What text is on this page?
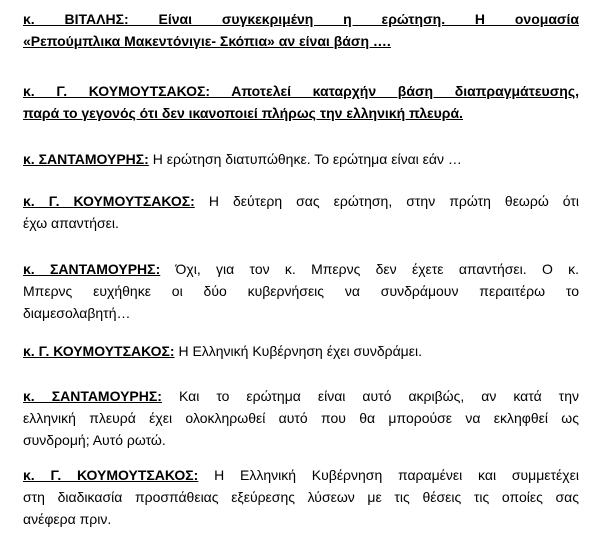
κ. ΒΙΤΑΛΗΣ: Είναι συγκεκριμένη η ερώτηση. Η ονομασία
«Ρεπούμπλικα Μακεντόνιγιε- Σκόπια» αν είναι βάση ….
κ. Γ. ΚΟΥΜΟΥΤΣΑΚΟΣ: Αποτελεί καταρχήν βάση διαπραγμάτευσης,
παρά το γεγονός ότι δεν ικανοποιεί πλήρως την ελληνική πλευρά.
κ. ΣΑΝΤΑΜΟΥΡΗΣ: Η ερώτηση διατυπώθηκε. Το ερώτημα είναι εάν …
κ. Γ. ΚΟΥΜΟΥΤΣΑΚΟΣ: Η δεύτερη σας ερώτηση, στην πρώτη θεωρώ ότι
έχω απαντήσει.
κ. ΣΑΝΤΑΜΟΥΡΗΣ: Όχι, για τον κ. Μπερνς δεν έχετε απαντήσει. Ο κ.
Μπερνς ευχήθηκε οι δύο κυβερνήσεις να συνδράμουν περαιτέρω το
διαμεσολαβητή…
κ. Γ. ΚΟΥΜΟΥΤΣΑΚΟΣ: Η Ελληνική Κυβέρνηση έχει συνδράμει.
κ. ΣΑΝΤΑΜΟΥΡΗΣ: Και το ερώτημα είναι αυτό ακριβώς, αν κατά την
ελληνική πλευρά έχει ολοκληρωθεί αυτό που θα μπορούσε να εκληφθεί ως
συνδρομή; Αυτό ρωτώ.
κ. Γ. ΚΟΥΜΟΥΤΣΑΚΟΣ: Η Ελληνική Κυβέρνηση παραμένει και συμμετέχει
στη διαδικασία προσπάθειας εξεύρεσης λύσεων με τις θέσεις τις οποίες σας
ανέφερα πριν.
